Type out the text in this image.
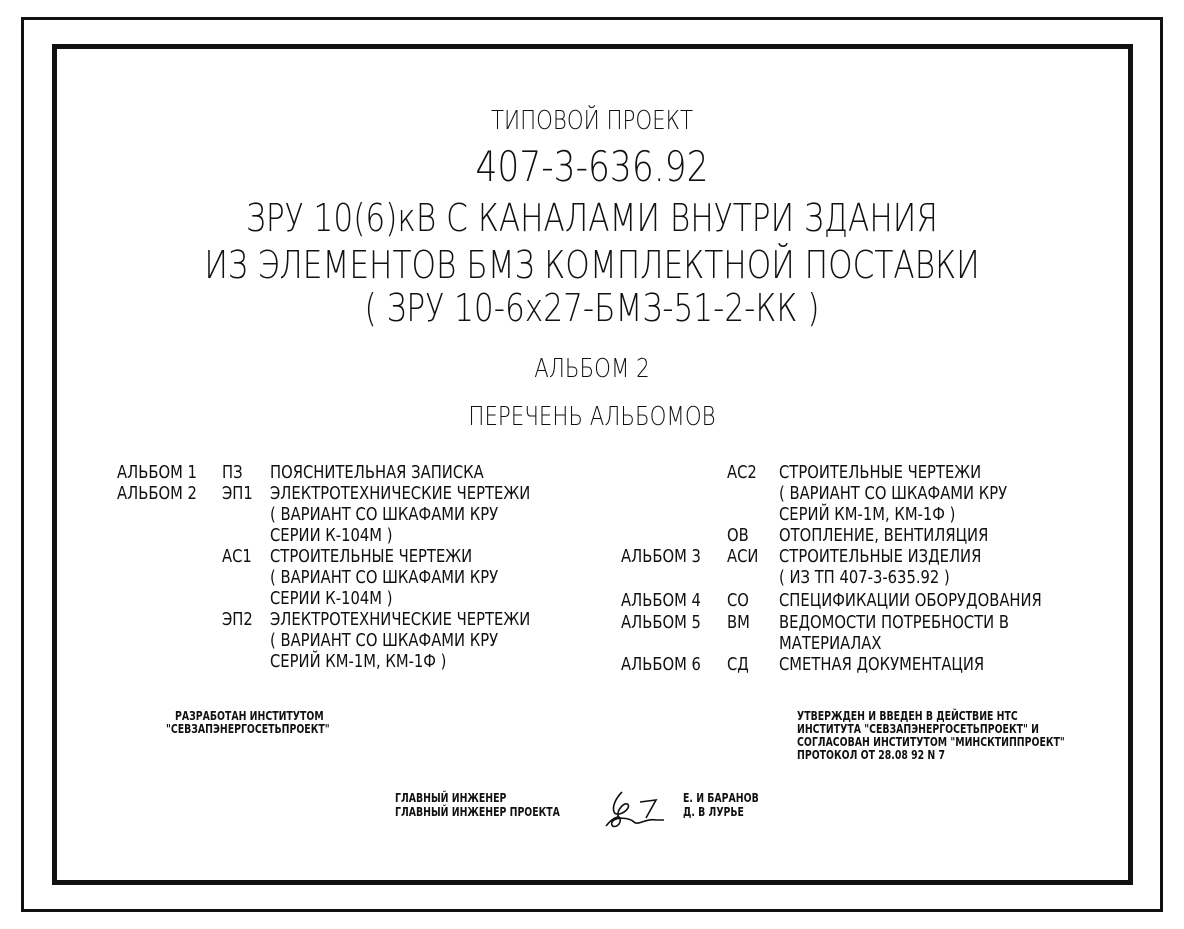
ТИПОВОЙ ПРОЕКТ
407-3-636.92
ЗРУ 10(6)кВ С КАНАЛАМИ ВНУТРИ ЗДАНИЯ
ИЗ ЭЛЕМЕНТОВ БМЗ КОМПЛЕКТНОЙ ПОСТАВКИ
( ЗРУ 10-6х27-БМЗ-51-2-КК )
АЛЬБОМ 2
ПЕРЕЧЕНЬ АЛЬБОМОВ
АЛЬБОМ 1 ПЗ ПОЯСНИТЕЛЬНАЯ ЗАПИСКА
АЛЬБОМ 2 ЭП1 ЭЛЕКТРОТЕХНИЧЕСКИЕ ЧЕРТЕЖИ
( ВАРИАНТ СО ШКАФАМИ КРУ
СЕРИИ К-104М )
АС1 СТРОИТЕЛЬНЫЕ ЧЕРТЕЖИ
( ВАРИАНТ СО ШКАФАМИ КРУ
СЕРИИ К-104М )
ЭП2 ЭЛЕКТРОТЕХНИЧЕСКИЕ ЧЕРТЕЖИ
( ВАРИАНТ СО ШКАФАМИ КРУ
СЕРИЙ КМ-1М, КМ-1Ф )
АС2 СТРОИТЕЛЬНЫЕ ЧЕРТЕЖИ
( ВАРИАНТ СО ШКАФАМИ КРУ
СЕРИЙ КМ-1М, КМ-1Ф )
ОВ ОТОПЛЕНИЕ, ВЕНТИЛЯЦИЯ
АЛЬБОМ 3 АСИ СТРОИТЕЛЬНЫЕ ИЗДЕЛИЯ
( ИЗ ТП 407-3-635.92 )
АЛЬБОМ 4 СО СПЕЦИФИКАЦИИ ОБОРУДОВАНИЯ
АЛЬБОМ 5 ВМ ВЕДОМОСТИ ПОТРЕБНОСТИ В
МАТЕРИАЛАХ
АЛЬБОМ 6 СД СМЕТНАЯ ДОКУМЕНТАЦИЯ
РАЗРАБОТАН ИНСТИТУТОМ
"СЕВЗАПЭНЕРГОСЕТЬПРОЕКТ"
УТВЕРЖДЕН И ВВЕДЕН В ДЕЙСТВИЕ НТС
ИНСТИТУТА "СЕВЗАПЭНЕРГОСЕТЬПРОЕКТ" И
СОГЛАСОВАН ИНСТИТУТОМ "МИНСКТИППРОЕКТ"
ПРОТОКОЛ ОТ 28.08 92 N 7
ГЛАВНЫЙ ИНЖЕНЕР
ГЛАВНЫЙ ИНЖЕНЕР ПРОЕКТА
Е. И БАРАНОВ
Д. В ЛУРЬЕ
